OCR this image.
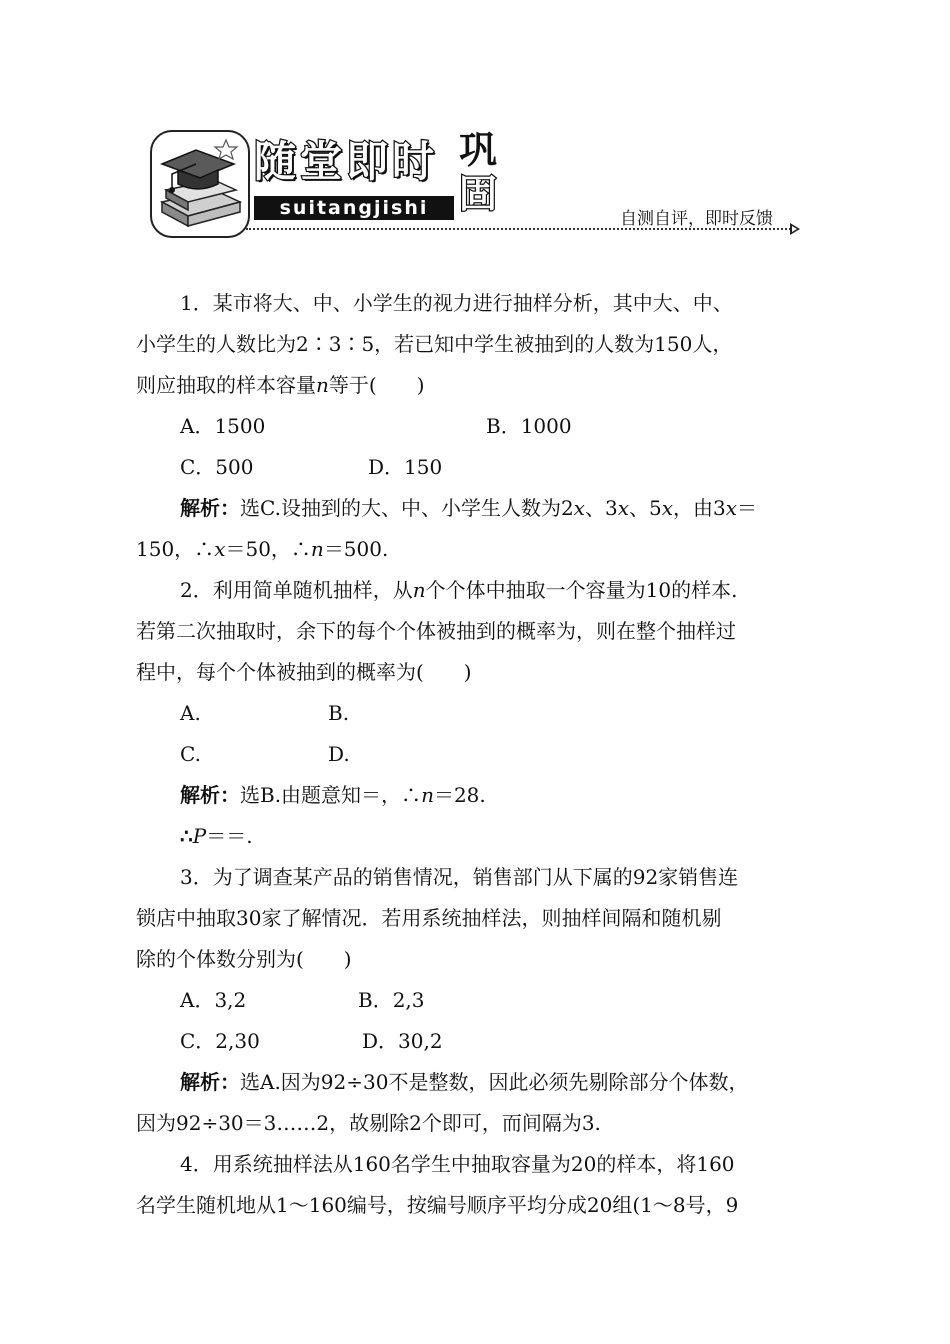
随 堂 即 时
suitangjishi
巩
固
自测自评，即时反馈
1．某市将大、中、小学生的视力进行抽样分析，其中大、中、
小学生的人数比为2∶3∶5，若已知中学生被抽到的人数为150人，
则应抽取的样本容量n等于(　　)
A．1500	B．1000
C．500	D．150
解析：选C.设抽到的大、中、小学生人数为2x、3x、5x，由3x＝
150，∴x＝50，∴n＝500.
2．利用简单随机抽样，从n个个体中抽取一个容量为10的样本.
若第二次抽取时，余下的每个个体被抽到的概率为，则在整个抽样过
程中，每个个体被抽到的概率为(　　)
A.	B.
C.	D.
解析：选B.由题意知＝，∴n＝28.
∴P＝＝.
3．为了调查某产品的销售情况，销售部门从下属的92家销售连
锁店中抽取30家了解情况．若用系统抽样法，则抽样间隔和随机剔
除的个体数分别为(　　)
A．3,2	B．2,3
C．2,30	D．30,2
解析：选A.因为92÷30不是整数，因此必须先剔除部分个体数，
因为92÷30＝3……2，故剔除2个即可，而间隔为3.
4．用系统抽样法从160名学生中抽取容量为20的样本，将160
名学生随机地从1～160编号，按编号顺序平均分成20组(1～8号，9
